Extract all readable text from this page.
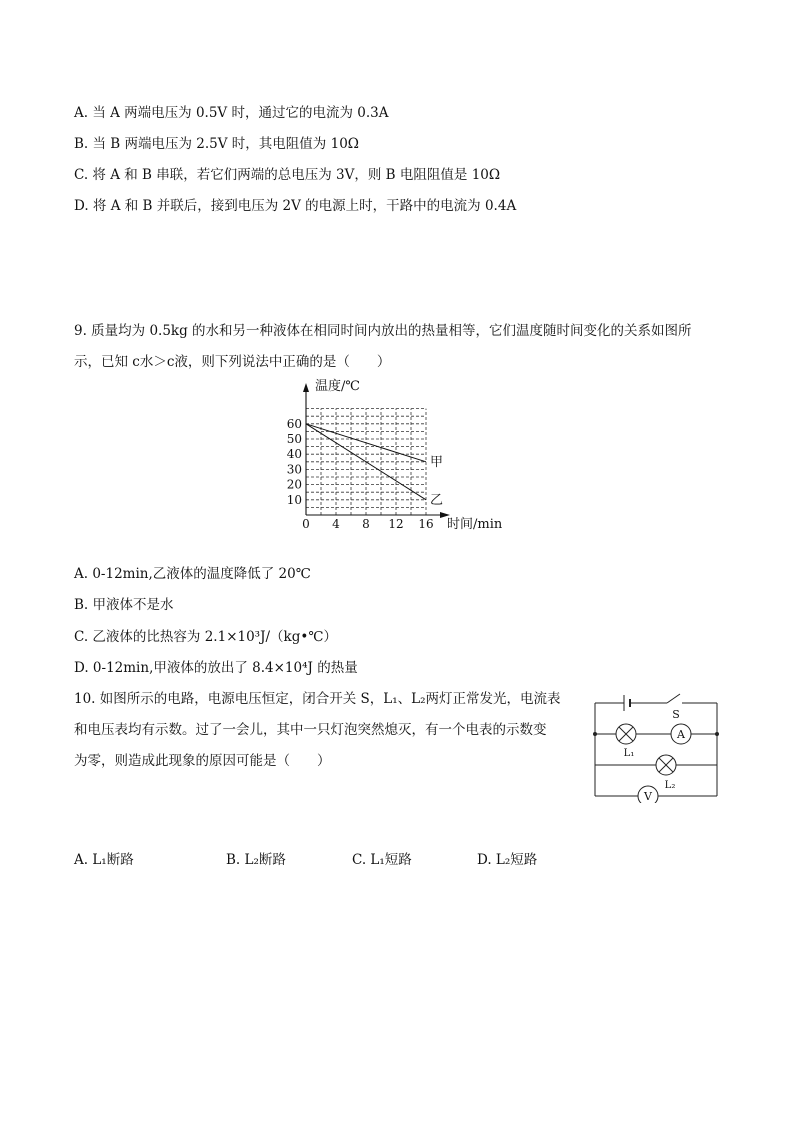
A. 当 A 两端电压为 0.5V 时，通过它的电流为 0.3A
B. 当 B 两端电压为 2.5V 时，其电阻值为 10Ω
C. 将 A 和 B 串联，若它们两端的总电压为 3V，则 B 电阻阻值是 10Ω
D. 将 A 和 B 并联后，接到电压为 2V 的电源上时，干路中的电流为 0.4A
9. 质量均为 0.5kg 的水和另一种液体在相同时间内放出的热量相等，它们温度随时间变化的关系如图所
示，已知 c水＞c液，则下列说法中正确的是（　　）
10
20
30
40
50
60
0 4 8 12 16
温度/℃
时间/min
甲
乙
A. 0-12min,乙液体的温度降低了 20℃
B. 甲液体不是水
C. 乙液体的比热容为 2.1×10³J/（kg•℃）
D. 0-12min,甲液体的放出了 8.4×10⁴J 的热量
10. 如图所示的电路，电源电压恒定，闭合开关 S，L₁、L₂两灯正常发光，电流表
和电压表均有示数。过了一会儿，其中一只灯泡突然熄灭，有一个电表的示数变
为零，则造成此现象的原因可能是（　　）
S
A
V
L₁
L₂
A. L₁断路	B. L₂断路	C. L₁短路	D. L₂短路
